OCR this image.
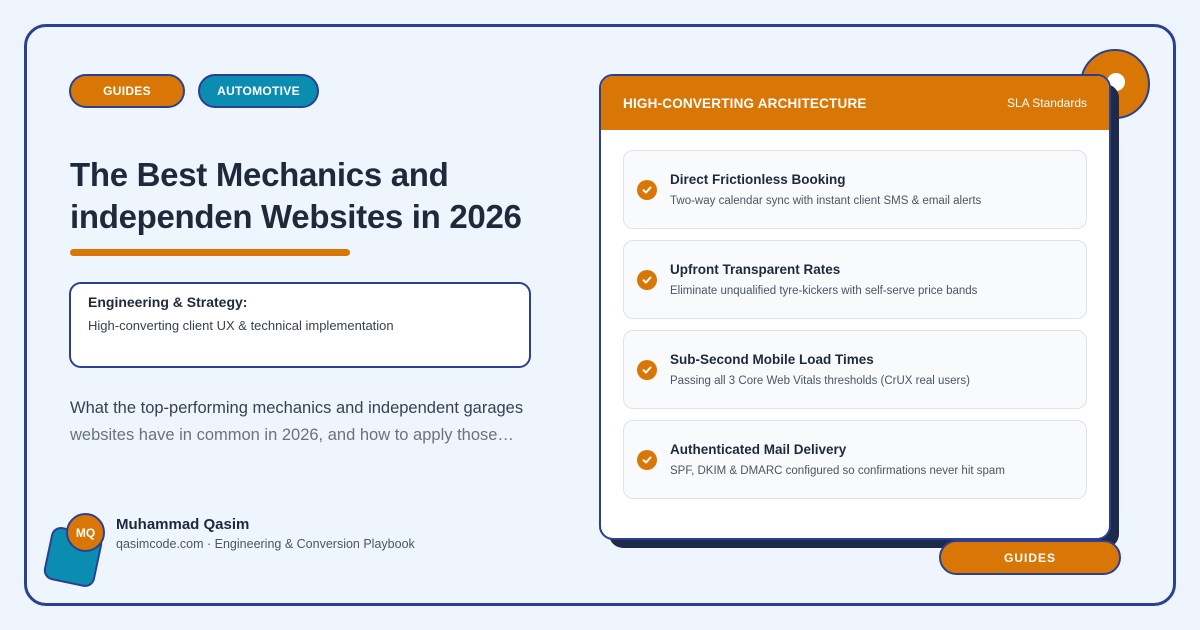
GUIDES	AUTOMOTIVE
The Best Mechanics and
independen Websites in 2026
Engineering & Strategy:
High-converting client UX & technical implementation

What the top-performing mechanics and independent garages
websites have in common in 2026, and how to apply those…

MQ	Muhammad Qasim
qasimcode.com · Engineering & Conversion Playbook
HIGH-CONVERTING ARCHITECTURE	SLA Standards
Direct Frictionless Booking
Two-way calendar sync with instant client SMS & email alerts
Upfront Transparent Rates
Eliminate unqualified tyre-kickers with self-serve price bands
Sub-Second Mobile Load Times
Passing all 3 Core Web Vitals thresholds (CrUX real users)
Authenticated Mail Delivery
SPF, DKIM & DMARC configured so confirmations never hit spam
GUIDES
